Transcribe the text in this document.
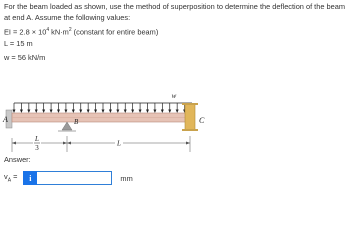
For the beam loaded as shown, use the method of superposition to determine the deflection of the beam at end A. Assume the following values:

EI = $2.8 \times 10^4$ $kN\cdot m^2$ (constant for entire beam)
L = 15 m
w = 56 kN/m
w
A	B	C
L
3
L
Answer:
$v_A$ =	i	mm
